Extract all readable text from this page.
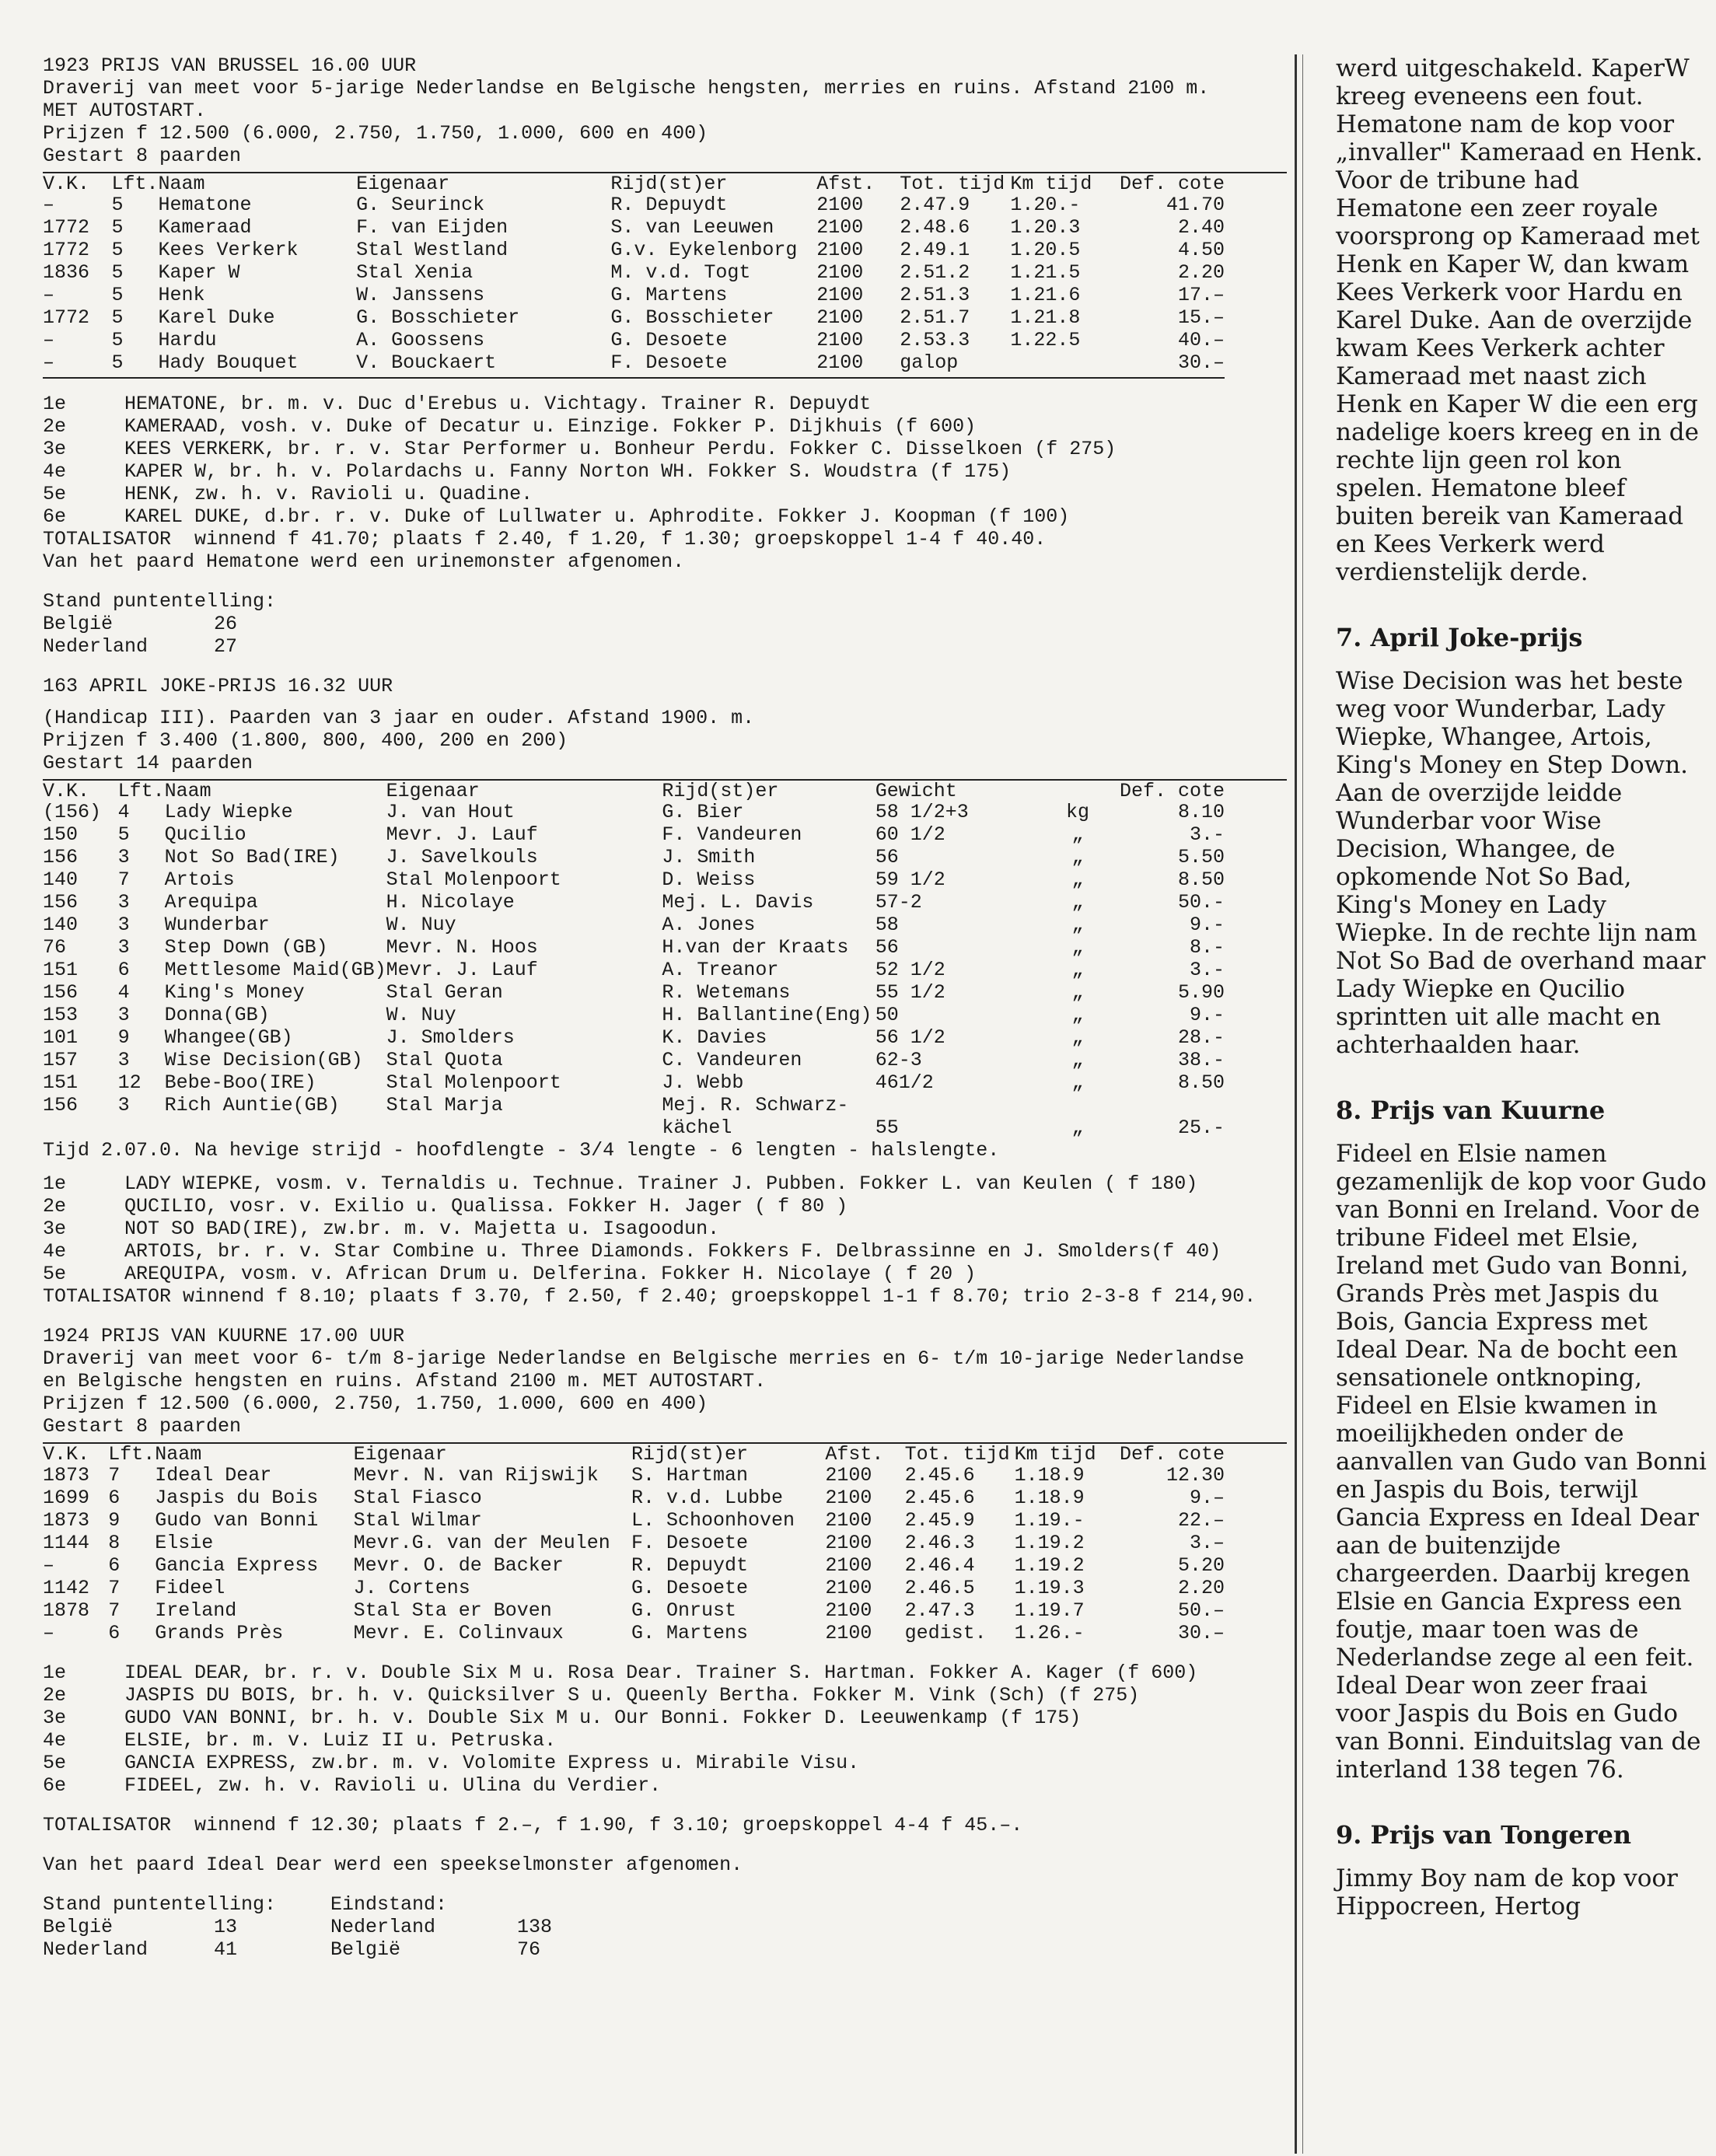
1923 PRIJS VAN BRUSSEL 16.00 UUR
Draverij van meet voor 5-jarige Nederlandse en Belgische hengsten, merries en ruins. Afstand 2100 m.
MET AUTOSTART.
Prijzen f 12.500 (6.000, 2.750, 1.750, 1.000, 600 en 400)
Gestart 8 paarden
V.K.	Lft.	Naam	Eigenaar	Rijd(st)er	Afst.	Tot. tijd	Km tijd	Def. cote
–	5	Hematone	G. Seurinck	R. Depuydt	2100	2.47.9	1.20.-	41.70
1772	5	Kameraad	F. van Eijden	S. van Leeuwen	2100	2.48.6	1.20.3	2.40
1772	5	Kees Verkerk	Stal Westland	G.v. Eykelenborg	2100	2.49.1	1.20.5	4.50
1836	5	Kaper W	Stal Xenia	M. v.d. Togt	2100	2.51.2	1.21.5	2.20
–	5	Henk	W. Janssens	G. Martens	2100	2.51.3	1.21.6	17.–
1772	5	Karel Duke	G. Bosschieter	G. Bosschieter	2100	2.51.7	1.21.8	15.–
–	5	Hardu	A. Goossens	G. Desoete	2100	2.53.3	1.22.5	40.–
–	5	Hady Bouquet	V. Bouckaert	F. Desoete	2100	galop		30.–
1e	HEMATONE, br. m. v. Duc d'Erebus u. Vichtagy. Trainer R. Depuydt
2e	KAMERAAD, vosh. v. Duke of Decatur u. Einzige. Fokker P. Dijkhuis (f 600)
3e	KEES VERKERK, br. r. v. Star Performer u. Bonheur Perdu. Fokker C. Disselkoen (f 275)
4e	KAPER W, br. h. v. Polardachs u. Fanny Norton WH. Fokker S. Woudstra (f 175)
5e	HENK, zw. h. v. Ravioli u. Quadine.
6e	KAREL DUKE, d.br. r. v. Duke of Lullwater u. Aphrodite. Fokker J. Koopman (f 100)
TOTALISATOR  winnend f 41.70; plaats f 2.40, f 1.20, f 1.30; groepskoppel 1-4 f 40.40.
Van het paard Hematone werd een urinemonster afgenomen.
Stand puntentelling:
België	26
Nederland	27
163 APRIL JOKE-PRIJS 16.32 UUR
(Handicap III). Paarden van 3 jaar en ouder. Afstand 1900. m.
Prijzen f 3.400 (1.800, 800, 400, 200 en 200)
Gestart 14 paarden
V.K.	Lft.	Naam	Eigenaar	Rijd(st)er	Gewicht		Def. cote
(156)	4	Lady Wiepke	J. van Hout	G. Bier	58 1/2+3	kg	8.10
150	5	Qucilio	Mevr. J. Lauf	F. Vandeuren	60 1/2	„	3.-
156	3	Not So Bad(IRE)	J. Savelkouls	J. Smith	56	„	5.50
140	7	Artois	Stal Molenpoort	D. Weiss	59 1/2	„	8.50
156	3	Arequipa	H. Nicolaye	Mej. L. Davis	57-2	„	50.-
140	3	Wunderbar	W. Nuy	A. Jones	58	„	9.-
76	3	Step Down (GB)	Mevr. N. Hoos	H.van der Kraats	56	„	8.-
151	6	Mettlesome Maid(GB)	Mevr. J. Lauf	A. Treanor	52 1/2	„	3.-
156	4	King's Money	Stal Geran	R. Wetemans	55 1/2	„	5.90
153	3	Donna(GB)	W. Nuy	H. Ballantine(Eng)	50	„	9.-
101	9	Whangee(GB)	J. Smolders	K. Davies	56 1/2	„	28.-
157	3	Wise Decision(GB)	Stal Quota	C. Vandeuren	62-3	„	38.-
151	12	Bebe-Boo(IRE)	Stal Molenpoort	J. Webb	461/2	„	8.50
156	3	Rich Auntie(GB)	Stal Marja	Mej. R. Schwarz-			
				kächel	55	„	25.-
Tijd 2.07.0. Na hevige strijd - hoofdlengte - 3/4 lengte - 6 lengten - halslengte.
1e	LADY WIEPKE, vosm. v. Ternaldis u. Technue. Trainer J. Pubben. Fokker L. van Keulen ( f 180)
2e	QUCILIO, vosr. v. Exilio u. Qualissa. Fokker H. Jager ( f 80 )
3e	NOT SO BAD(IRE), zw.br. m. v. Majetta u. Isagoodun.
4e	ARTOIS, br. r. v. Star Combine u. Three Diamonds. Fokkers F. Delbrassinne en J. Smolders(f 40)
5e	AREQUIPA, vosm. v. African Drum u. Delferina. Fokker H. Nicolaye ( f 20 )
TOTALISATOR winnend f 8.10; plaats f 3.70, f 2.50, f 2.40; groepskoppel 1-1 f 8.70; trio 2-3-8 f 214,90.
1924 PRIJS VAN KUURNE 17.00 UUR
Draverij van meet voor 6- t/m 8-jarige Nederlandse en Belgische merries en 6- t/m 10-jarige Nederlandse
en Belgische hengsten en ruins. Afstand 2100 m. MET AUTOSTART.
Prijzen f 12.500 (6.000, 2.750, 1.750, 1.000, 600 en 400)
Gestart 8 paarden
V.K.	Lft.	Naam	Eigenaar	Rijd(st)er	Afst.	Tot. tijd	Km tijd	Def. cote
1873	7	Ideal Dear	Mevr. N. van Rijswijk	S. Hartman	2100	2.45.6	1.18.9	12.30
1699	6	Jaspis du Bois	Stal Fiasco	R. v.d. Lubbe	2100	2.45.6	1.18.9	9.–
1873	9	Gudo van Bonni	Stal Wilmar	L. Schoonhoven	2100	2.45.9	1.19.-	22.–
1144	8	Elsie	Mevr.G. van der Meulen	F. Desoete	2100	2.46.3	1.19.2	3.–
–	6	Gancia Express	Mevr. O. de Backer	R. Depuydt	2100	2.46.4	1.19.2	5.20
1142	7	Fideel	J. Cortens	G. Desoete	2100	2.46.5	1.19.3	2.20
1878	7	Ireland	Stal Sta er Boven	G. Onrust	2100	2.47.3	1.19.7	50.–
–	6	Grands Près	Mevr. E. Colinvaux	G. Martens	2100	gedist.	1.26.-	30.–
1e	IDEAL DEAR, br. r. v. Double Six M u. Rosa Dear. Trainer S. Hartman. Fokker A. Kager (f 600)
2e	JASPIS DU BOIS, br. h. v. Quicksilver S u. Queenly Bertha. Fokker M. Vink (Sch) (f 275)
3e	GUDO VAN BONNI, br. h. v. Double Six M u. Our Bonni. Fokker D. Leeuwenkamp (f 175)
4e	ELSIE, br. m. v. Luiz II u. Petruska.
5e	GANCIA EXPRESS, zw.br. m. v. Volomite Express u. Mirabile Visu.
6e	FIDEEL, zw. h. v. Ravioli u. Ulina du Verdier.
TOTALISATOR  winnend f 12.30; plaats f 2.–, f 1.90, f 3.10; groepskoppel 4-4 f 45.–.
Van het paard Ideal Dear werd een speekselmonster afgenomen.
Stand puntentelling:	Eindstand:
België	13	Nederland	138
Nederland	41	België	76

werd uitgeschakeld. KaperW kreeg eveneens een fout. Hematone nam de kop voor „invaller" Kameraad en Henk. Voor de tribune had Hematone een zeer royale voorsprong op Kameraad met Henk en Kaper W, dan kwam Kees Verkerk voor Hardu en Karel Duke. Aan de overzijde kwam Kees Verkerk achter Kameraad met naast zich Henk en Kaper W die een erg nadelige koers kreeg en in de rechte lijn geen rol kon spelen. Hematone bleef buiten bereik van Kameraad en Kees Verkerk werd verdienstelijk derde.

7. April Joke-prijs

Wise Decision was het beste weg voor Wunderbar, Lady Wiepke, Whangee, Artois, King's Money en Step Down. Aan de overzijde leidde Wunderbar voor Wise Decision, Whangee, de opkomende Not So Bad, King's Money en Lady Wiepke. In de rechte lijn nam Not So Bad de overhand maar Lady Wiepke en Qucilio sprintten uit alle macht en achterhaalden haar.

8. Prijs van Kuurne

Fideel en Elsie namen gezamenlijk de kop voor Gudo van Bonni en Ireland. Voor de tribune Fideel met Elsie, Ireland met Gudo van Bonni, Grands Près met Jaspis du Bois, Gancia Express met Ideal Dear. Na de bocht een sensationele ontknoping, Fideel en Elsie kwamen in moeilijkheden onder de aanvallen van Gudo van Bonni en Jaspis du Bois, terwijl Gancia Express en Ideal Dear aan de buitenzijde chargeerden. Daarbij kregen Elsie en Gancia Express een foutje, maar toen was de Nederlandse zege al een feit. Ideal Dear won zeer fraai voor Jaspis du Bois en Gudo van Bonni. Einduitslag van de interland 138 tegen 76.

9. Prijs van Tongeren

Jimmy Boy nam de kop voor Hippocreen, Hertog
